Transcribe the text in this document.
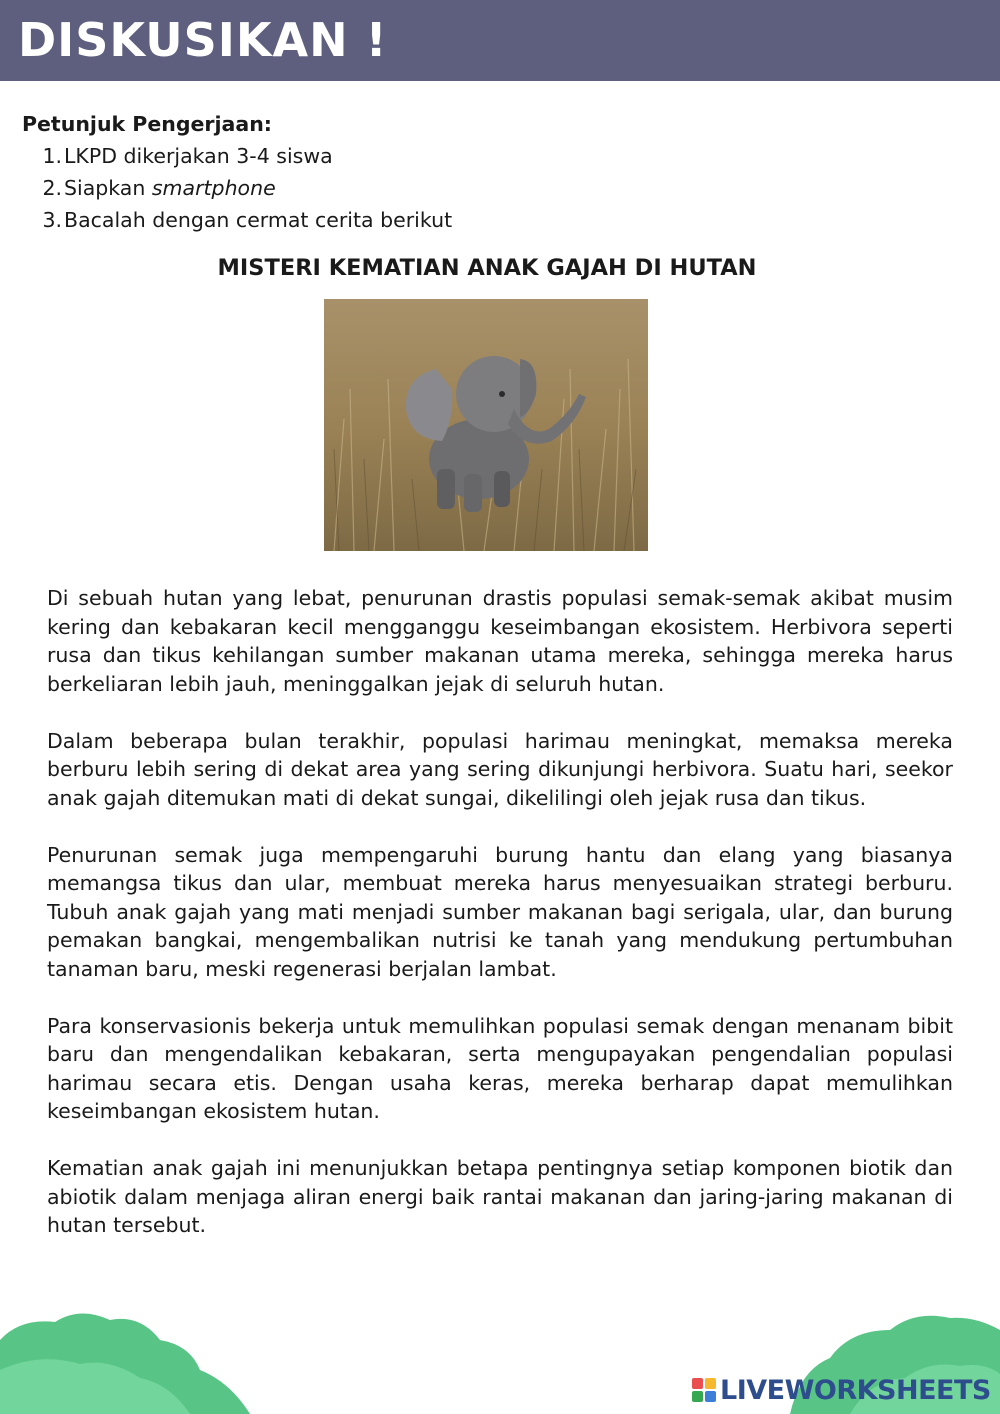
DISKUSIKAN !
Petunjuk Pengerjaan:
1. LKPD dikerjakan 3-4 siswa
2. Siapkan smartphone
3. Bacalah dengan cermat cerita berikut
MISTERI KEMATIAN ANAK GAJAH DI HUTAN

Di sebuah hutan yang lebat, penurunan drastis populasi semak-semak akibat musim kering dan kebakaran kecil mengganggu keseimbangan ekosistem. Herbivora seperti rusa dan tikus kehilangan sumber makanan utama mereka, sehingga mereka harus berkeliaran lebih jauh, meninggalkan jejak di seluruh hutan.

Dalam beberapa bulan terakhir, populasi harimau meningkat, memaksa mereka berburu lebih sering di dekat area yang sering dikunjungi herbivora. Suatu hari, seekor anak gajah ditemukan mati di dekat sungai, dikelilingi oleh jejak rusa dan tikus.

Penurunan semak juga mempengaruhi burung hantu dan elang yang biasanya memangsa tikus dan ular, membuat mereka harus menyesuaikan strategi berburu. Tubuh anak gajah yang mati menjadi sumber makanan bagi serigala, ular, dan burung pemakan bangkai, mengembalikan nutrisi ke tanah yang mendukung pertumbuhan tanaman baru, meski regenerasi berjalan lambat.

Para konservasionis bekerja untuk memulihkan populasi semak dengan menanam bibit baru dan mengendalikan kebakaran, serta mengupayakan pengendalian populasi harimau secara etis. Dengan usaha keras, mereka berharap dapat memulihkan keseimbangan ekosistem hutan.

Kematian anak gajah ini menunjukkan betapa pentingnya setiap komponen biotik dan abiotik dalam menjaga aliran energi baik rantai makanan dan jaring-jaring makanan di hutan tersebut.

LIVEWORKSHEETS
